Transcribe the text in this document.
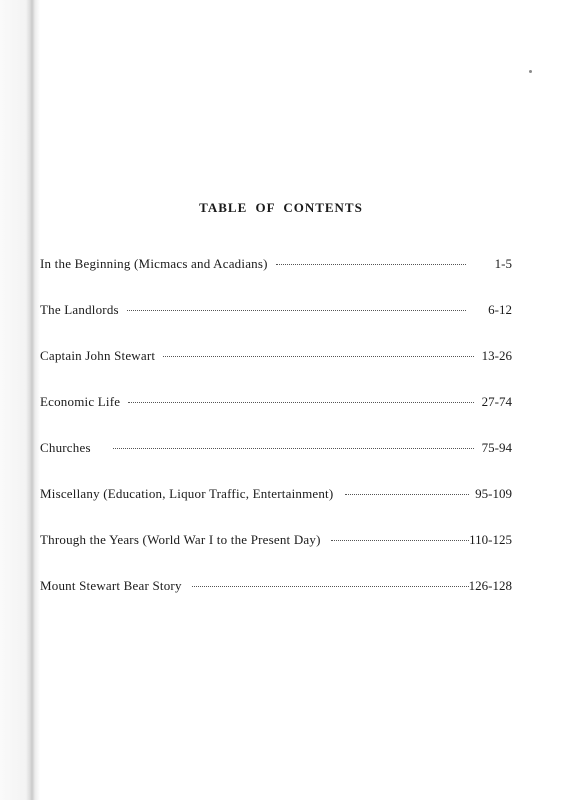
TABLE OF CONTENTS
In the Beginning (Micmacs and Acadians)	1-5
The Landlords	6-12
Captain John Stewart	13-26
Economic Life	27-74
Churches	75-94
Miscellany (Education, Liquor Traffic, Entertainment)	95-109
Through the Years (World War I to the Present Day)	110-125
Mount Stewart Bear Story	126-128
